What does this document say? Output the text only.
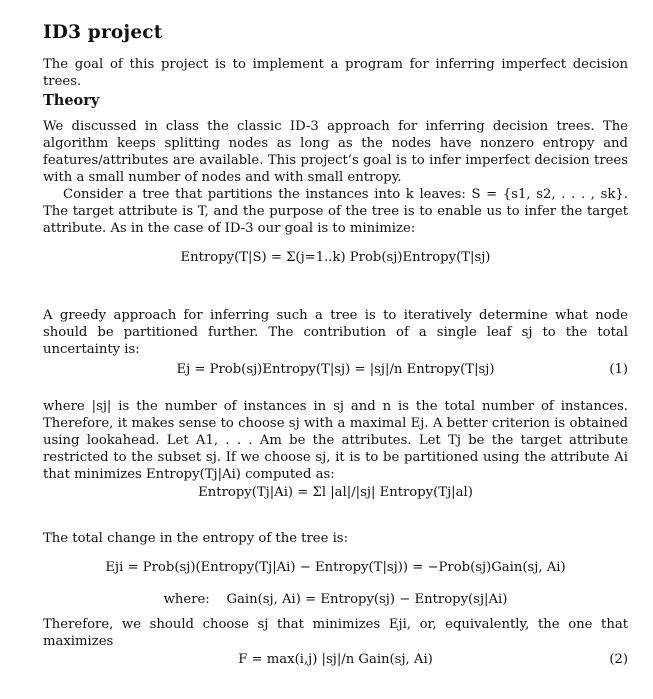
ID3 project

The goal of this project is to implement a program for inferring imperfect decision trees.

Theory

We discussed in class the classic ID-3 approach for inferring decision trees. The algorithm keeps splitting nodes as long as the nodes have nonzero entropy and features/attributes are available. This project’s goal is to infer imperfect decision trees with a small number of nodes and with small entropy.

Consider a tree that partitions the instances into k leaves: S = {s1, s2, . . . , sk}. The target attribute is T, and the purpose of the tree is to enable us to infer the target attribute. As in the case of ID-3 our goal is to minimize:

Entropy(T|S) = Σ(j=1..k) Prob(sj)Entropy(T|sj)

A greedy approach for inferring such a tree is to iteratively determine what node should be partitioned further. The contribution of a single leaf sj to the total uncertainty is:

Ej = Prob(sj)Entropy(T|sj) = |sj|/n Entropy(T|sj)	(1)

where |sj| is the number of instances in sj and n is the total number of instances. Therefore, it makes sense to choose sj with a maximal Ej. A better criterion is obtained using lookahead. Let A1, . . . Am be the attributes. Let Tj be the target attribute restricted to the subset sj. If we choose sj, it is to be partitioned using the attribute Ai that minimizes Entropy(Tj|Ai) computed as:

Entropy(Tj|Ai) = Σl |al|/|sj| Entropy(Tj|al)

The total change in the entropy of the tree is:

Eji = Prob(sj)(Entropy(Tj|Ai) − Entropy(T|sj)) = −Prob(sj)Gain(sj, Ai)
where: Gain(sj, Ai) = Entropy(sj) − Entropy(sj|Ai)

Therefore, we should choose sj that minimizes Eji, or, equivalently, the one that maximizes

F = max(i,j) |sj|/n Gain(sj, Ai)	(2)
